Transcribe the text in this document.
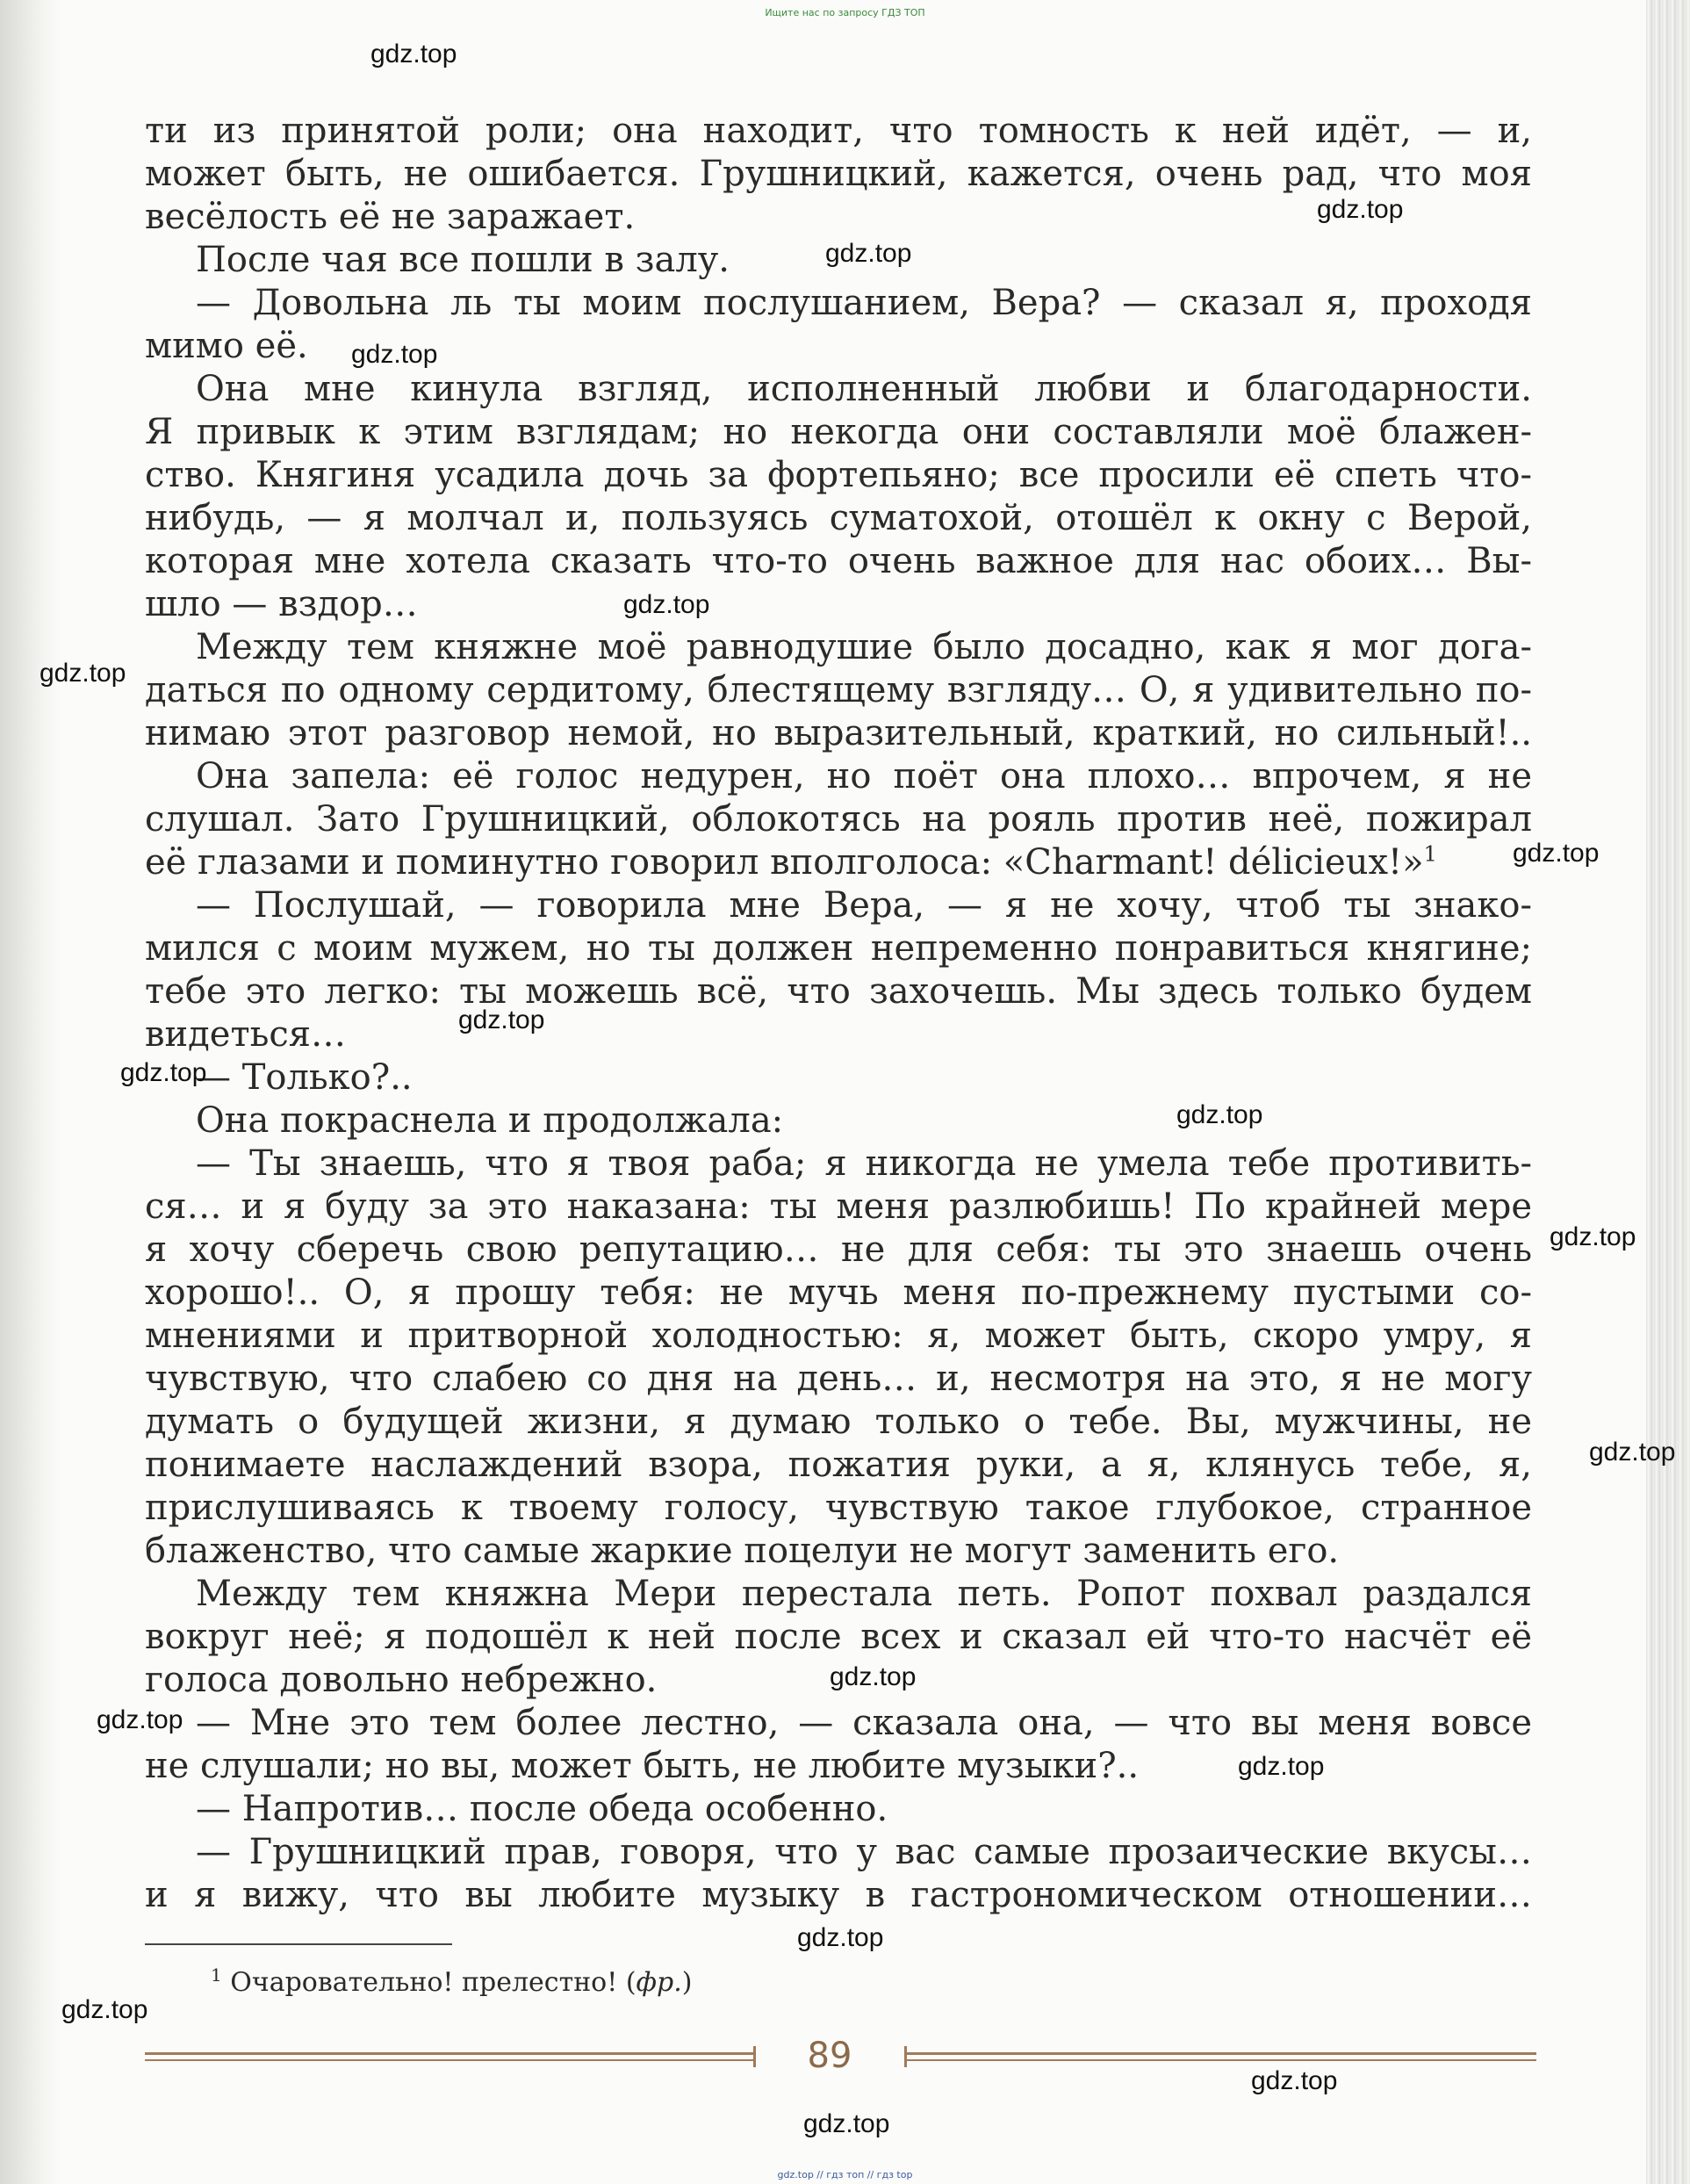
Ищите нас по запросу ГДЗ ТОП
ти из принятой роли; она находит, что томность к ней идёт, — и,
может быть, не ошибается. Грушницкий, кажется, очень рад, что моя
весёлость её не заражает.
После чая все пошли в залу.
— Довольна ль ты моим послушанием, Вера? — сказал я, проходя
мимо её.
Она мне кинула взгляд, исполненный любви и благодарности.
Я привык к этим взглядам; но некогда они составляли моё блажен-
ство. Княгиня усадила дочь за фортепьяно; все просили её спеть что-
нибудь, — я молчал и, пользуясь суматохой, отошёл к окну с Верой,
которая мне хотела сказать что-то очень важное для нас обоих… Вы-
шло — вздор…
Между тем княжне моё равнодушие было досадно, как я мог дога-
даться по одному сердитому, блестящему взгляду… О, я удивительно по-
нимаю этот разговор немой, но выразительный, краткий, но сильный!..
Она запела: её голос недурен, но поёт она плохо… впрочем, я не
слушал. Зато Грушницкий, облокотясь на рояль против неё, пожирал
её глазами и поминутно говорил вполголоса: «Charmant! délicieux!»$^1$
— Послушай, — говорила мне Вера, — я не хочу, чтоб ты знако-
мился с моим мужем, но ты должен непременно понравиться княгине;
тебе это легко: ты можешь всё, что захочешь. Мы здесь только будем
видеться…
— Только?..
Она покраснела и продолжала:
— Ты знаешь, что я твоя раба; я никогда не умела тебе противить-
ся… и я буду за это наказана: ты меня разлюбишь! По крайней мере
я хочу сберечь свою репутацию… не для себя: ты это знаешь очень
хорошо!.. О, я прошу тебя: не мучь меня по-прежнему пустыми со-
мнениями и притворной холодностью: я, может быть, скоро умру, я
чувствую, что слабею со дня на день… и, несмотря на это, я не могу
думать о будущей жизни, я думаю только о тебе. Вы, мужчины, не
понимаете наслаждений взора, пожатия руки, а я, клянусь тебе, я,
прислушиваясь к твоему голосу, чувствую такое глубокое, странное
блаженство, что самые жаркие поцелуи не могут заменить его.
Между тем княжна Мери перестала петь. Ропот похвал раздался
вокруг неё; я подошёл к ней после всех и сказал ей что-то насчёт её
голоса довольно небрежно.
— Мне это тем более лестно, — сказала она, — что вы меня вовсе
не слушали; но вы, может быть, не любите музыки?..
— Напротив… после обеда особенно.
— Грушницкий прав, говоря, что у вас самые прозаические вкусы…
и я вижу, что вы любите музыку в гастрономическом отношении…
$^1$ Очаровательно! прелестно! (фр.)
89
gdz.top
gdz.top
gdz.top
gdz.top
gdz.top
gdz.top
gdz.top
gdz.top
gdz.top
gdz.top
gdz.top
gdz.top
gdz.top
gdz.top
gdz.top
gdz.top
gdz.top
gdz.top
gdz.top
gdz.top // гдз топ // гдз top
